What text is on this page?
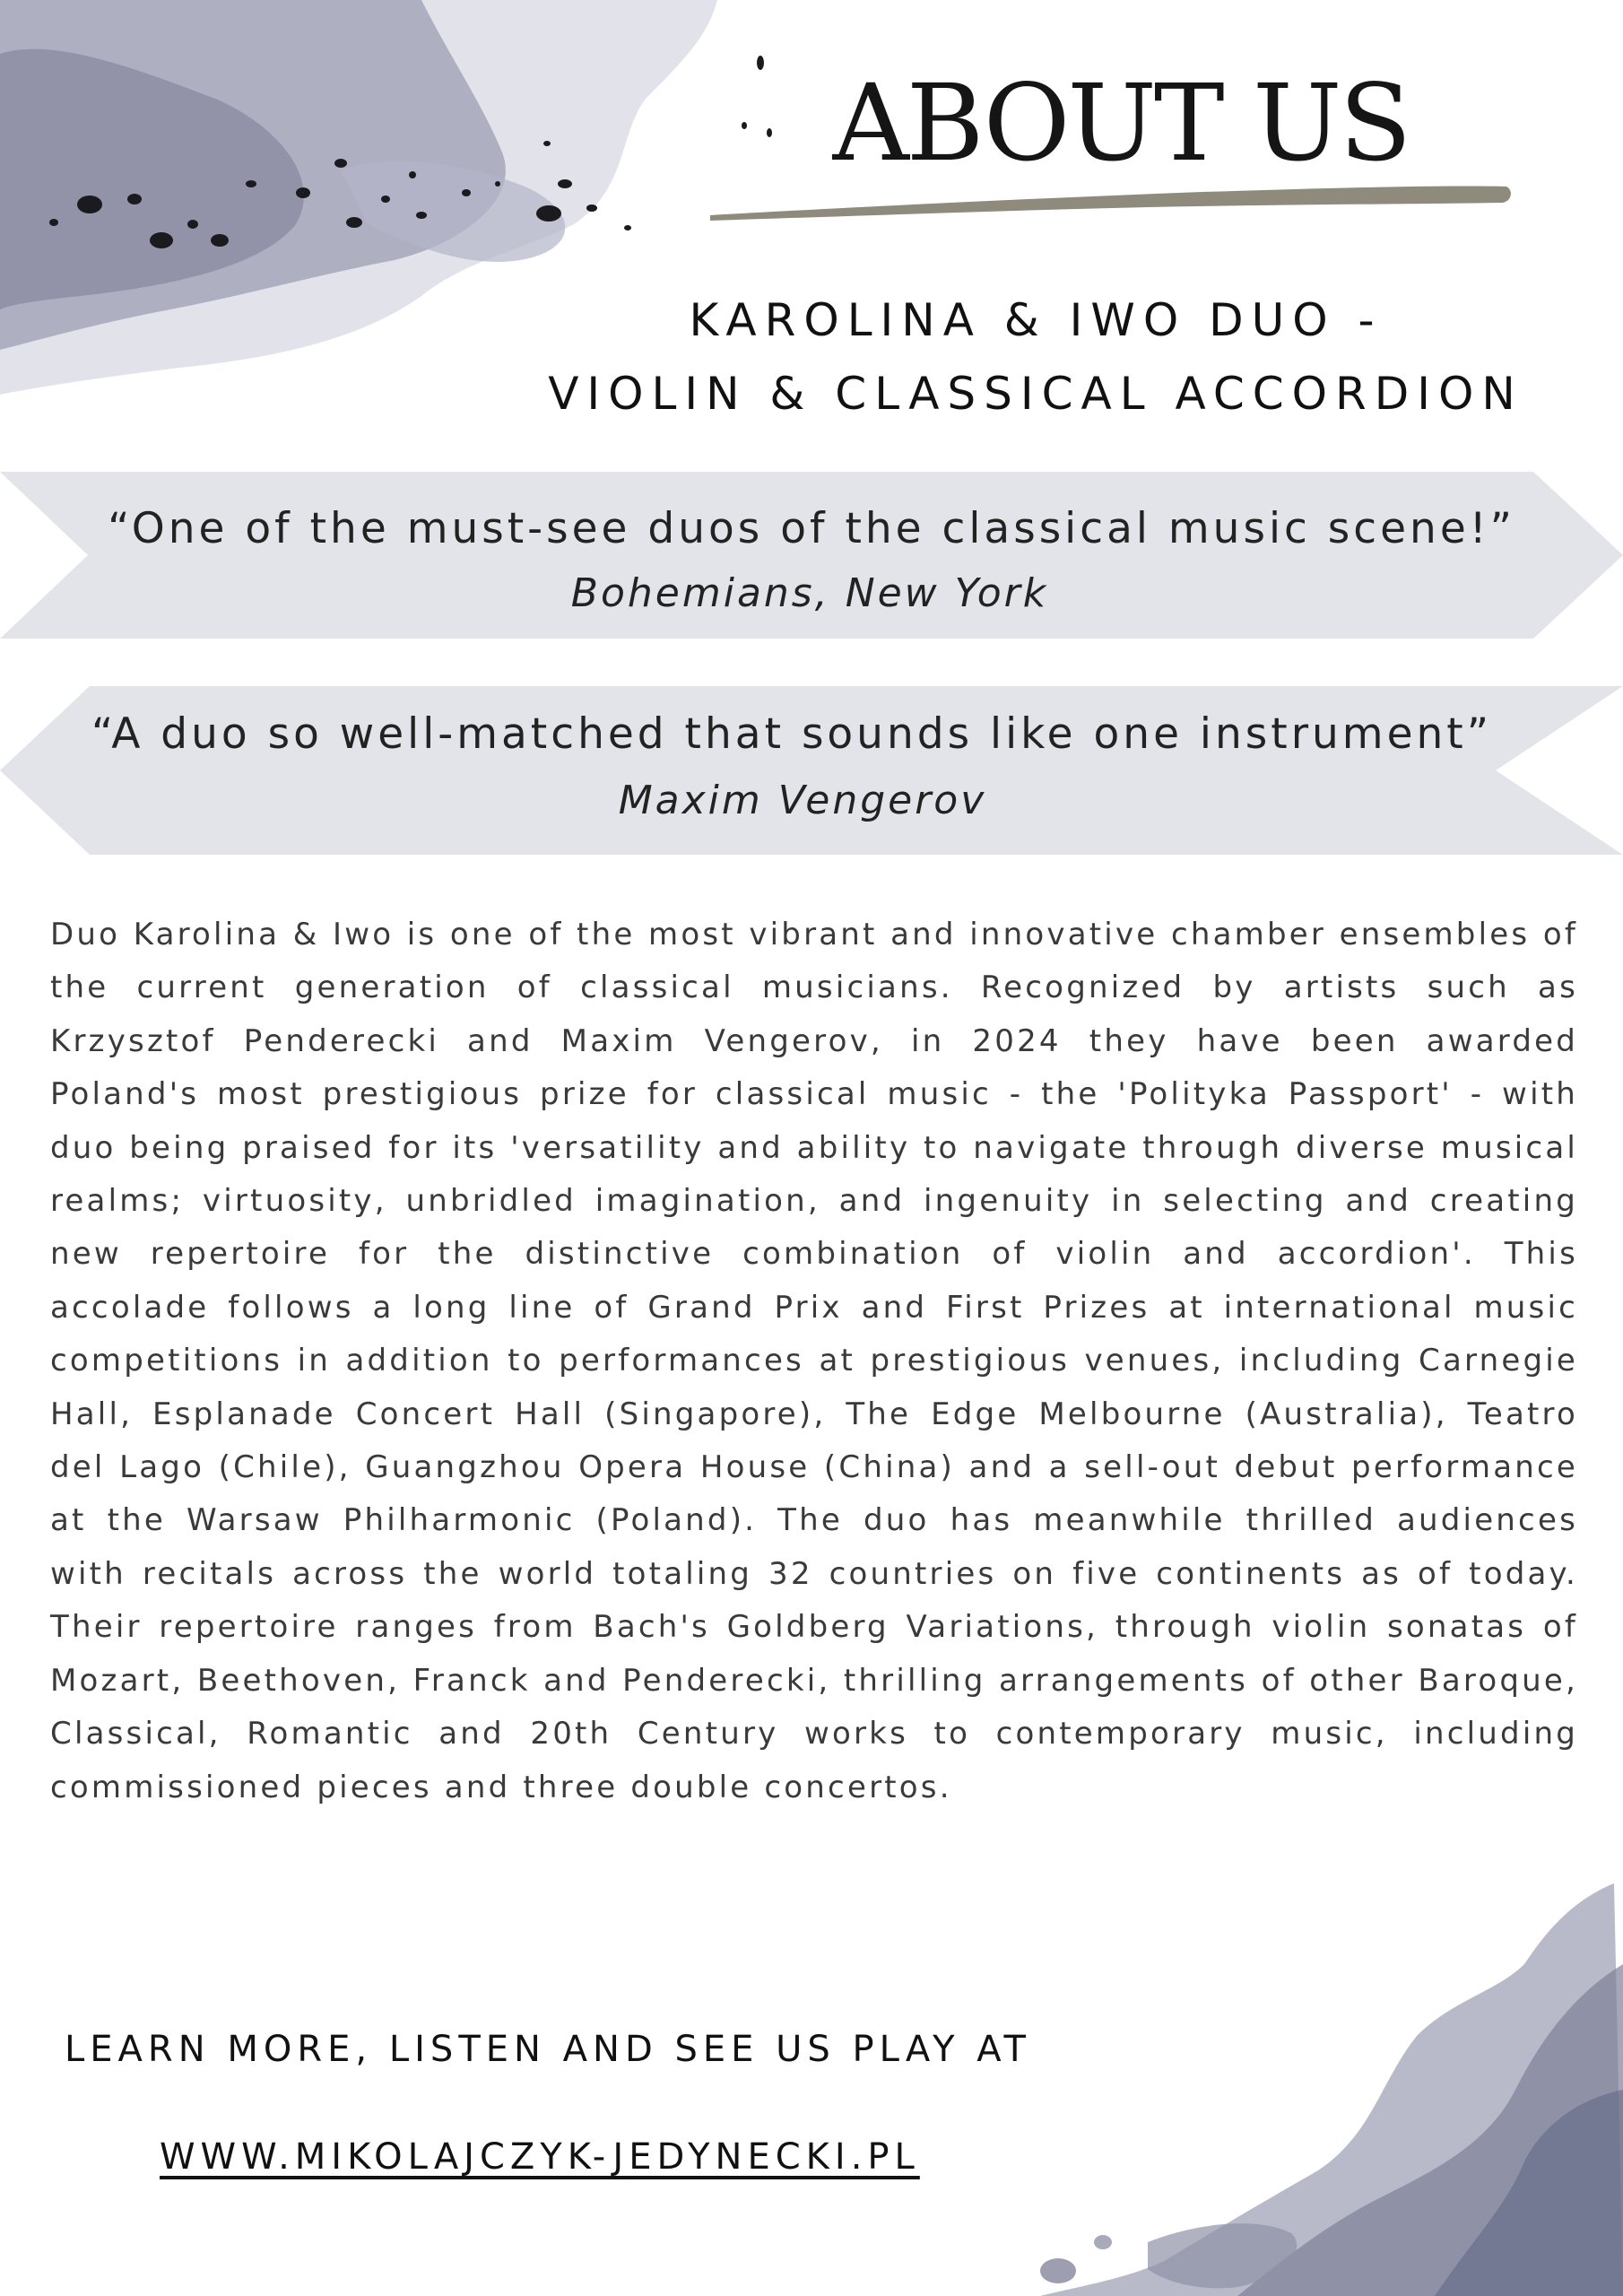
ABOUT US
KAROLINA & IWO DUO -
VIOLIN & CLASSICAL ACCORDION
“One of the must-see duos of the classical music scene!”
Bohemians, New York
“A duo so well-matched that sounds like one instrument”
Maxim Vengerov

Duo Karolina & Iwo is one of the most vibrant and innovative chamber ensembles of the current generation of classical musicians. Recognized by artists such as Krzysztof Penderecki and Maxim Vengerov, in 2024 they have been awarded Poland's most prestigious prize for classical music - the 'Polityka Passport' - with duo being praised for its 'versatility and ability to navigate through diverse musical realms; virtuosity, unbridled imagination, and ingenuity in selecting and creating new repertoire for the distinctive combination of violin and accordion'. This accolade follows a long line of Grand Prix and First Prizes at international music competitions in addition to performances at prestigious venues, including Carnegie Hall, Esplanade Concert Hall (Singapore), The Edge Melbourne (Australia), Teatro del Lago (Chile), Guangzhou Opera House (China) and a sell-out debut performance at the Warsaw Philharmonic (Poland). The duo has meanwhile thrilled audiences with recitals across the world totaling 32 countries on five continents as of today. Their repertoire ranges from Bach's Goldberg Variations, through violin sonatas of Mozart, Beethoven, Franck and Penderecki, thrilling arrangements of other Baroque, Classical, Romantic and 20th Century works to contemporary music, including commissioned pieces and three double concertos.

LEARN MORE, LISTEN AND SEE US PLAY AT

WWW.MIKOLAJCZYK-JEDYNECKI.PL
